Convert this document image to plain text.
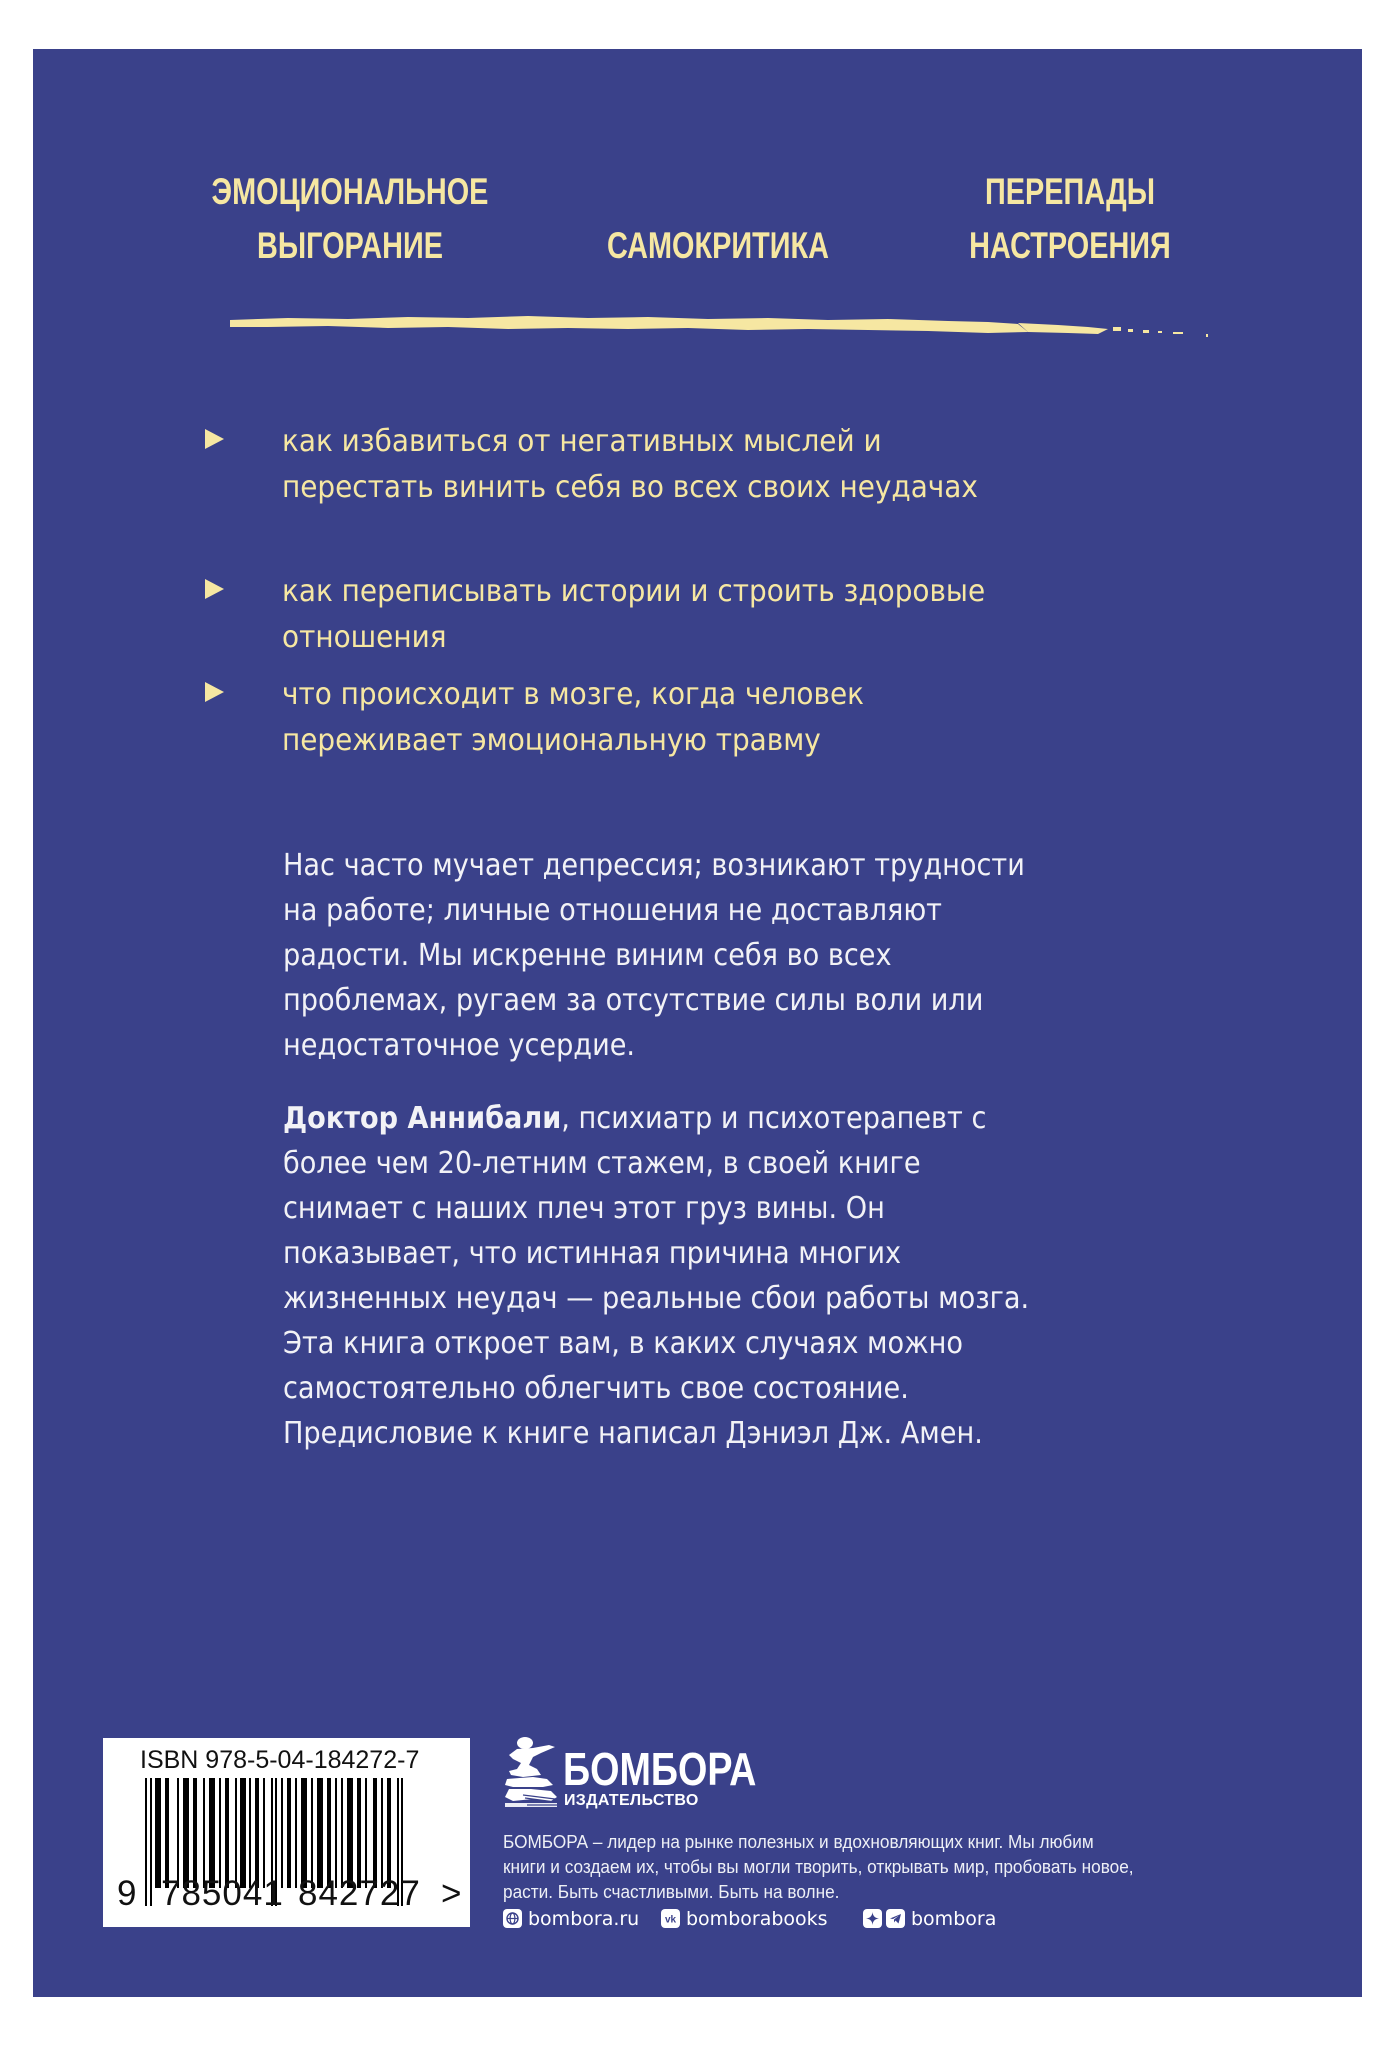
ЭМОЦИОНАЛЬНОЕ
ВЫГОРАНИЕ	САМОКРИТИКА
ПЕРЕПАДЫ
НАСТРОЕНИЯ
как избавиться от негативных мыслей и перестать винить себя во всех своих неудачах
как переписывать истории и строить здоровые отношения
что происходит в мозге, когда человек переживает эмоциональную травму
Нас часто мучает депрессия; возникают трудности на работе; личные отношения не доставляют радости. Мы искренне виним себя во всех проблемах, ругаем за отсутствие силы воли или недостаточное усердие.
Доктор Аннибали, психиатр и психотерапевт с более чем 20-летним стажем, в своей книге снимает с наших плеч этот груз вины. Он показывает, что истинная причина многих жизненных неудач — реальные сбои работы мозга. Эта книга откроет вам, в каких случаях можно самостоятельно облегчить свое состояние. Предисловие к книге написал Дэниэл Дж. Амен.
ISBN 978-5-04-184272-7
9 785041 842727 >
БОМБОРА
ИЗДАТЕЛЬСТВО
БОМБОРА – лидер на рынке полезных и вдохновляющих книг. Мы любим книги и создаем их, чтобы вы могли творить, открывать мир, пробовать новое, расти. Быть счастливыми. Быть на волне.
bombora.ru	vk bomborabooks	bombora
